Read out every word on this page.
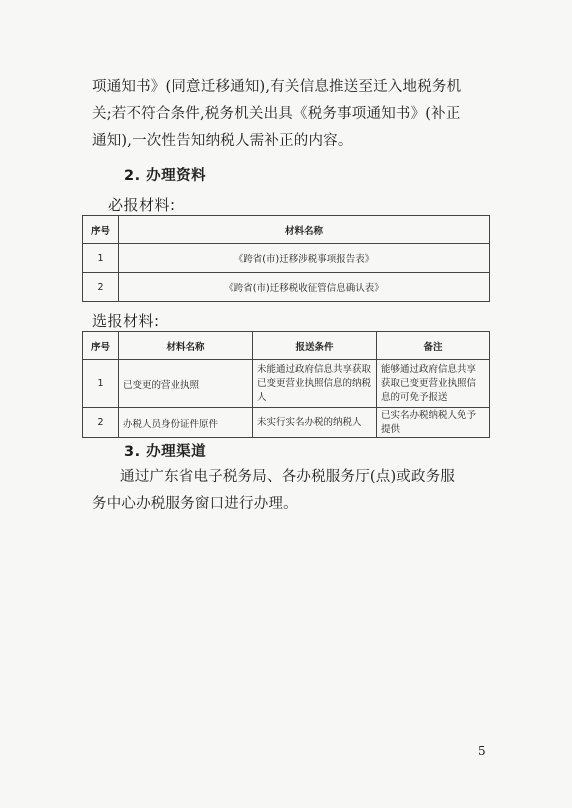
项通知书》(同意迁移通知),有关信息推送至迁入地税务机

关;若不符合条件,税务机关出具《税务事项通知书》(补正

通知),一次性告知纳税人需补正的内容。

2. 办理资料
必报材料:
序号	材料名称
1	《跨省(市)迁移涉税事项报告表》
2	《跨省(市)迁移税收征管信息确认表》
选报材料:
序号	材料名称	报送条件	备注
1	已变更的营业执照	未能通过政府信息共享获取已变更营业执照信息的纳税人	能够通过政府信息共享获取已变更营业执照信息的可免予报送
2	办税人员身份证件原件	未实行实名办税的纳税人	已实名办税纳税人免予提供
3. 办理渠道

通过广东省电子税务局、各办税服务厅(点)或政务服

务中心办税服务窗口进行办理。

5
